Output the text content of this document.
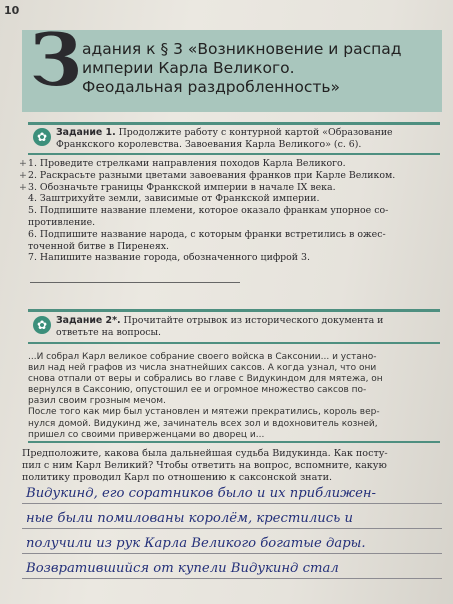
10
З адания к § 3 «Возникновение и распад
империи Карла Великого.
Феодальная раздробленность»
✿ Задание 1. Продолжите работу с контурной картой «Образование
Франкского королевства. Завоевания Карла Великого» (с. 6).
+ 1. Проведите стрелками направления походов Карла Великого.
+ 2. Раскрасьте разными цветами завоевания франков при Карле Великом.
+ 3. Обозначьте границы Франкской империи в начале IX века.
4. Заштрихуйте земли, зависимые от Франкской империи.
5. Подпишите название племени, которое оказало франкам упорное со-
противление.
6. Подпишите название народа, с которым франки встретились в ожес-
точенной битве в Пиренеях.
7. Напишите название города, обозначенного цифрой 3.
✿ Задание 2*. Прочитайте отрывок из исторического документа и
ответьте на вопросы.
...И собрал Карл великое собрание своего войска в Саксонии... и устано-
вил над ней графов из числа знатнейших саксов. А когда узнал, что они
снова отпали от веры и собрались во главе с Видукиндом для мятежа, он
вернулся в Саксонию, опустошил ее и огромное множество саксов по-
разил своим грозным мечом.
После того как мир был установлен и мятежи прекратились, король вер-
нулся домой. Видукинд же, зачинатель всех зол и вдохновитель козней,
пришел со своими приверженцами во дворец и...
Предположите, какова была дальнейшая судьба Видукинда. Как посту-
пил с ним Карл Великий? Чтобы ответить на вопрос, вспомните, какую
политику проводил Карл по отношению к саксонской знати.
Видукинд, его соратников было и их приближен-
ные были помилованы королём, крестились и
получили из рук Карла Великого богатые дары.
Возвратившийся от купели Видукинд стал
